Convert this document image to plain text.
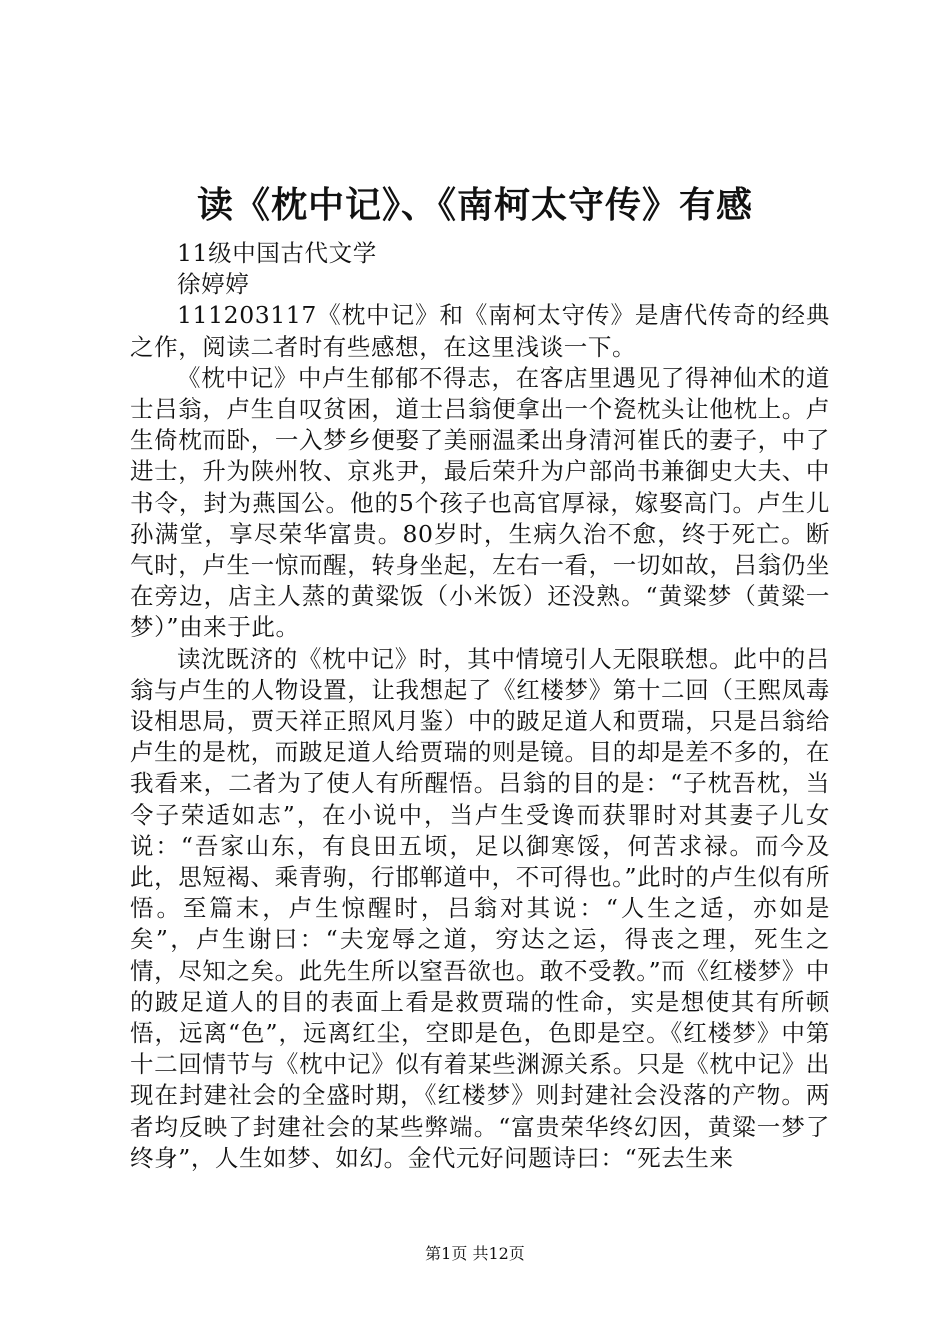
读《枕中记》、《南柯太守传》有感

11级中国古代文学

徐婷婷

111203117《枕中记》和《南柯太守传》是唐代传奇的经典之作，阅读二者时有些感想，在这里浅谈一下。

《枕中记》中卢生郁郁不得志，在客店里遇见了得神仙术的道士吕翁，卢生自叹贫困，道士吕翁便拿出一个瓷枕头让他枕上。卢生倚枕而卧，一入梦乡便娶了美丽温柔出身清河崔氏的妻子，中了进士，升为陕州牧、京兆尹，最后荣升为户部尚书兼御史大夫、中书令，封为燕国公。他的5个孩子也高官厚禄，嫁娶高门。卢生儿孙满堂，享尽荣华富贵。80岁时，生病久治不愈，终于死亡。断气时，卢生一惊而醒，转身坐起，左右一看，一切如故，吕翁仍坐在旁边，店主人蒸的黄粱饭（小米饭）还没熟。“黄粱梦（黄粱一梦）”由来于此。

读沈既济的《枕中记》时，其中情境引人无限联想。此中的吕翁与卢生的人物设置，让我想起了《红楼梦》第十二回（王熙凤毒设相思局，贾天祥正照风月鉴）中的跛足道人和贾瑞，只是吕翁给卢生的是枕，而跛足道人给贾瑞的则是镜。目的却是差不多的，在我看来，二者为了使人有所醒悟。吕翁的目的是：“子枕吾枕，当令子荣适如志”，在小说中，当卢生受谗而获罪时对其妻子儿女说：“吾家山东，有良田五顷，足以御寒馁，何苦求禄。而今及此，思短褐、乘青驹，行邯郸道中，不可得也。”此时的卢生似有所悟。至篇末，卢生惊醒时，吕翁对其说：“人生之适，亦如是矣”，卢生谢曰：“夫宠辱之道，穷达之运，得丧之理，死生之情，尽知之矣。此先生所以窒吾欲也。敢不受教。”而《红楼梦》中的跛足道人的目的表面上看是救贾瑞的性命，实是想使其有所顿悟，远离“色”，远离红尘，空即是色，色即是空。《红楼梦》中第十二回情节与《枕中记》似有着某些渊源关系。只是《枕中记》出现在封建社会的全盛时期，《红楼梦》则封建社会没落的产物。两者均反映了封建社会的某些弊端。“富贵荣华终幻因，黄粱一梦了终身”，人生如梦、如幻。金代元好问题诗曰：“死去生来

第1页 共12页
